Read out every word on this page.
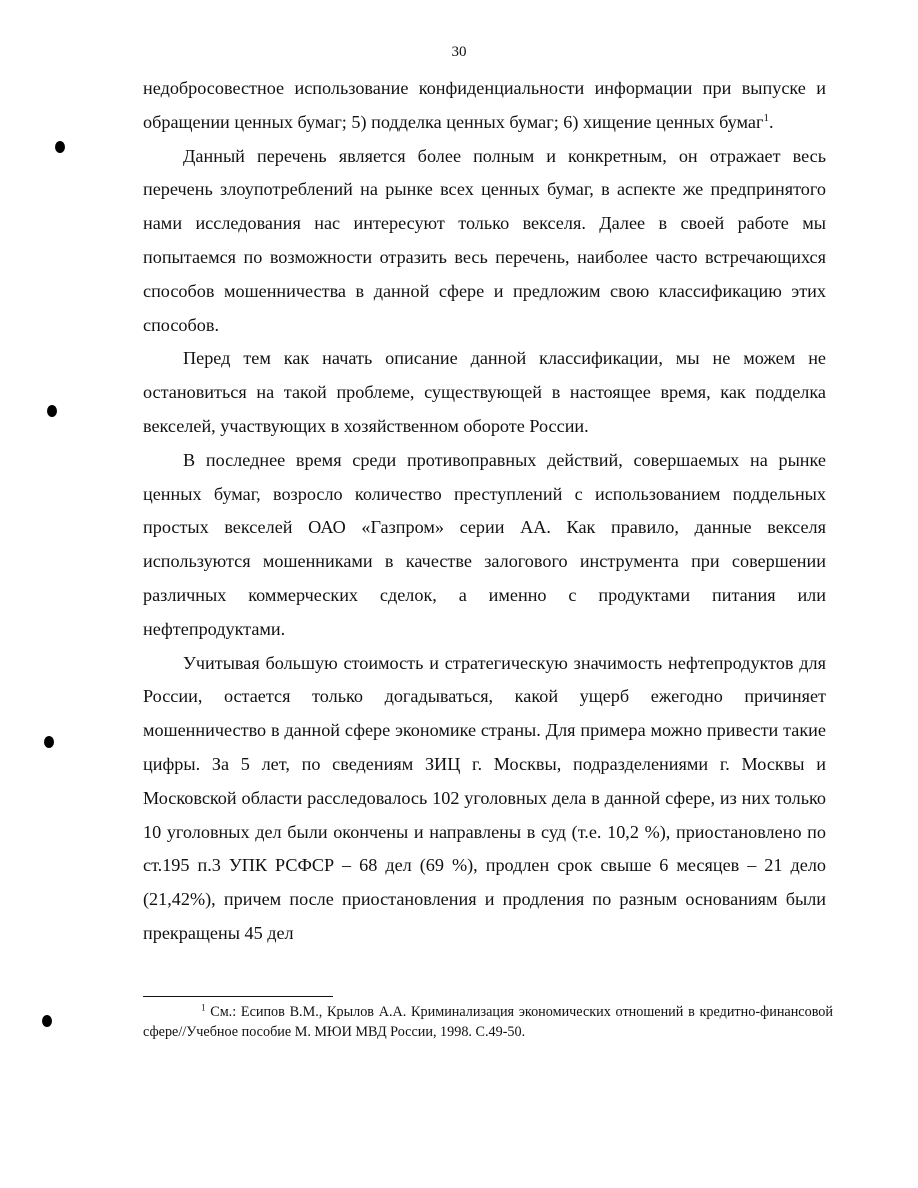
30

недобросовестное использование конфиденциальности информации при выпуске и обращении ценных бумаг; 5) подделка ценных бумаг; 6) хищение ценных бумаг$^1$.

Данный перечень является более полным и конкретным, он отражает весь перечень злоупотреблений на рынке всех ценных бумаг, в аспекте же предпринятого нами исследования нас интересуют только векселя. Далее в своей работе мы попытаемся по возможности отразить весь перечень, наиболее часто встречающихся способов мошенничества в данной сфере и предложим свою классификацию этих способов.

Перед тем как начать описание данной классификации, мы не можем не остановиться на такой проблеме, существующей в настоящее время, как подделка векселей, участвующих в хозяйственном обороте России.

В последнее время среди противоправных действий, совершаемых на рынке ценных бумаг, возросло количество преступлений с использованием поддельных простых векселей ОАО «Газпром» серии АА. Как правило, данные векселя используются мошенниками в качестве залогового инструмента при совершении различных коммерческих сделок, а именно с продуктами питания или нефтепродуктами.

Учитывая большую стоимость и стратегическую значимость нефтепродуктов для России, остается только догадываться, какой ущерб ежегодно причиняет мошенничество в данной сфере экономике страны. Для примера можно привести такие цифры. За 5 лет, по сведениям ЗИЦ г. Москвы, подразделениями г. Москвы и Московской области расследовалось 102 уголовных дела в данной сфере, из них только 10 уголовных дел были окончены и направлены в суд (т.е. 10,2 %), приостановлено по ст.195 п.3 УПК РСФСР – 68 дел (69 %), продлен срок свыше 6 месяцев – 21 дело (21,42%), причем после приостановления и продления по разным основаниям были прекращены 45 дел

$^1$ См.: Есипов В.М., Крылов А.А. Криминализация экономических отношений в кредитно-финансовой сфере//Учебное пособие М. МЮИ МВД России, 1998. С.49-50.
